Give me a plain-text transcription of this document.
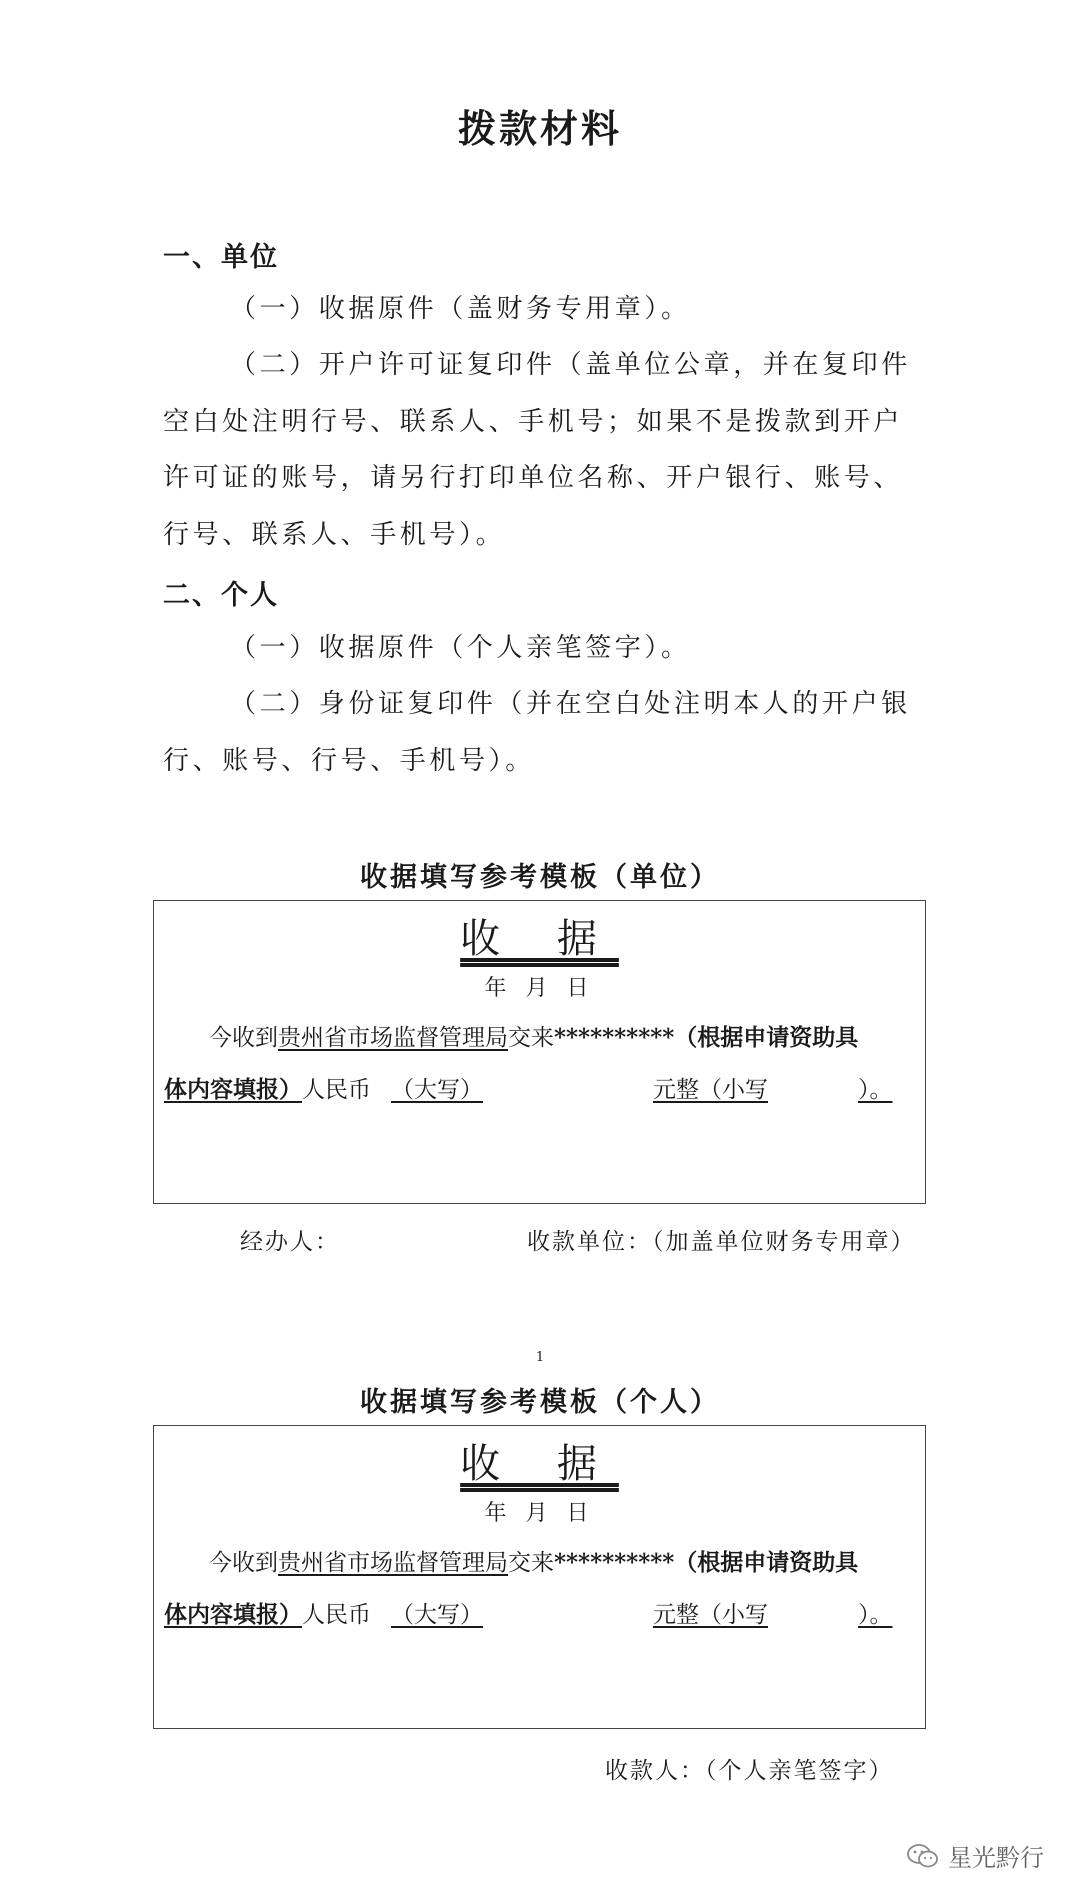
拨款材料
一、单位
（一）收据原件（盖财务专用章）。
（二）开户许可证复印件（盖单位公章，并在复印件空白处注明行号、联系人、手机号；如果不是拨款到开户许可证的账号，请另行打印单位名称、开户银行、账号、行号、联系人、手机号）。
二、个人
（一）收据原件（个人亲笔签字）。
（二）身份证复印件（并在空白处注明本人的开户银行、账号、行号、手机号）。
收据填写参考模板（单位）
收 据
年 月 日
今收到贵州省市场监督管理局交来**********（根据申请资助具
体内容填报）人民币 （大写）	元整（小写	）。
经办人：	收款单位：（加盖单位财务专用章）
1
收据填写参考模板（个人）
收 据
年 月 日
今收到贵州省市场监督管理局交来**********（根据申请资助具
体内容填报）人民币 （大写）	元整（小写	）。
收款人：（个人亲笔签字）
星光黔行
